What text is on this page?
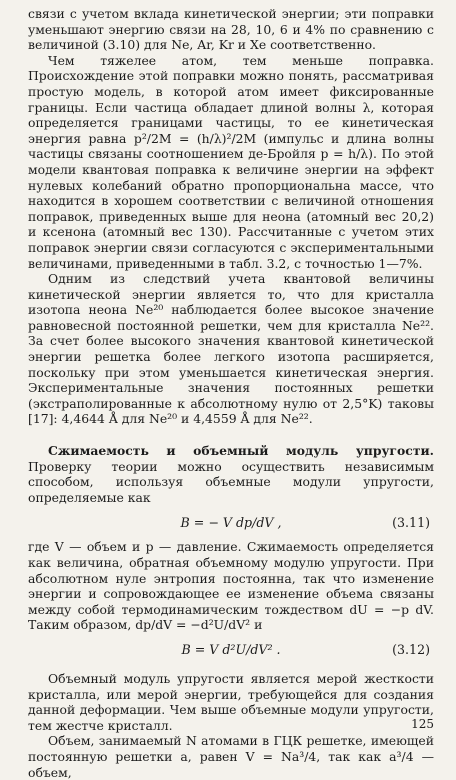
связи с учетом вклада кинетической энергии; эти поправки уменьшают энергию связи на 28, 10, 6 и 4% по сравнению с величиной (3.10) для Ne, Ar, Kr и Xe соответственно.

Чем тяжелее атом, тем меньше поправка. Происхождение этой поправки можно понять, рассматривая простую модель, в которой атом имеет фиксированные границы. Если частица обладает длиной волны λ, которая определяется границами частицы, то ее кинетическая энергия равна p²/2M = (h/λ)²/2M (импульс и длина волны частицы связаны соотношением де-Бройля p = h/λ). По этой модели квантовая поправка к величине энергии на эффект нулевых колебаний обратно пропорциональна массе, что находится в хорошем соответствии с величиной отношения поправок, приведенных выше для неона (атомный вес 20,2) и ксенона (атомный вес 130). Рассчитанные с учетом этих поправок энергии связи согласуются с экспериментальными величинами, приведенными в табл. 3.2, с точностью 1—7%.

Одним из следствий учета квантовой величины кинетической энергии является то, что для кристалла изотопа неона Ne²⁰ наблюдается более высокое значение равновесной постоянной решетки, чем для кристалла Ne²². За счет более высокого значения квантовой кинетической энергии решетка более легкого изотопа расширяется, поскольку при этом уменьшается кинетическая энергия. Экспериментальные значения постоянных решетки (экстраполированные к абсолютному нулю от 2,5°K) таковы [17]: 4,4644 Å для Ne²⁰ и 4,4559 Å для Ne²².

Сжимаемость и объемный модуль упругости. Проверку теории можно осуществить независимым способом, используя объемные модули упругости, определяемые как

B = − V dp/dV ,	(3.11)

где V — объем и p — давление. Сжимаемость определяется как величина, обратная объемному модулю упругости. При абсолютном нуле энтропия постоянна, так что изменение энергии и сопровождающее ее изменение объема связаны между собой термодинамическим тождеством dU = −p dV. Таким образом, dp/dV = −d²U/dV² и

B = V d²U/dV² .	(3.12)

Объемный модуль упругости является мерой жесткости кристалла, или мерой энергии, требующейся для создания данной деформации. Чем выше объемные модули упругости, тем жестче кристалл.

Объем, занимаемый N атомами в ГЦК решетке, имеющей постоянную решетки a, равен V = Na³/4, так как a³/4 — объем,

125
